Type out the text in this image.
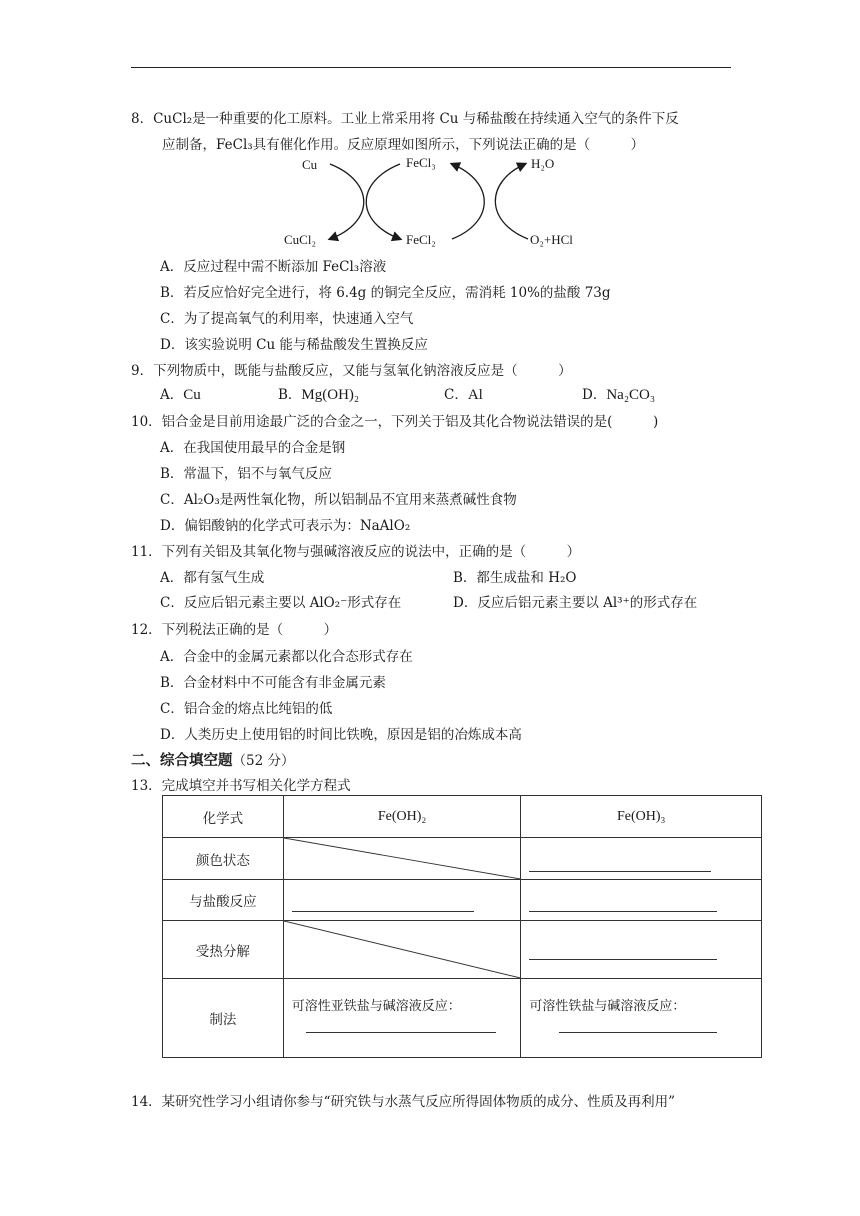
8．CuCl₂是一种重要的化工原料。工业上常采用将 Cu 与稀盐酸在持续通入空气的条件下反
应制备，FeCl₃具有催化作用。反应原理如图所示，下列说法正确的是（　　　）
Cu	FeCl₃	H₂O
CuCl₂	FeCl₂	O₂+HCl
A．反应过程中需不断添加 FeCl₃溶液
B．若反应恰好完全进行，将 6.4g 的铜完全反应，需消耗 10%的盐酸 73g
C．为了提高氧气的利用率，快速通入空气
D．该实验说明 Cu 能与稀盐酸发生置换反应
9．下列物质中，既能与盐酸反应，又能与氢氧化钠溶液反应是（　　　）
A．Cu	B．Mg(OH)₂	C．Al	D．Na₂CO₃
10．铝合金是目前用途最广泛的合金之一，下列关于铝及其化合物说法错误的是(　　　)
A．在我国使用最早的合金是钢
B．常温下，铝不与氧气反应
C．Al₂O₃是两性氧化物，所以铝制品不宜用来蒸煮碱性食物
D．偏铝酸钠的化学式可表示为：NaAlO₂
11．下列有关铝及其氧化物与强碱溶液反应的说法中，正确的是（　　　）
A．都有氢气生成	B．都生成盐和 H₂O
C．反应后铝元素主要以 AlO₂⁻形式存在	D．反应后铝元素主要以 Al³⁺的形式存在
12．下列税法正确的是（　　　）
A．合金中的金属元素都以化合态形式存在
B．合金材料中不可能含有非金属元素
C．铝合金的熔点比纯铝的低
D．人类历史上使用铝的时间比铁晚，原因是铝的冶炼成本高
二、综合填空题（52 分）
13．完成填空并书写相关化学方程式
化学式	Fe(OH)₂	Fe(OH)₃
颜色状态	

与盐酸反应	

受热分解	

制法	可溶性亚铁盐与碱溶液反应：	可溶性铁盐与碱溶液反应：
14．某研究性学习小组请你参与“研究铁与水蒸气反应所得固体物质的成分、性质及再利用”
